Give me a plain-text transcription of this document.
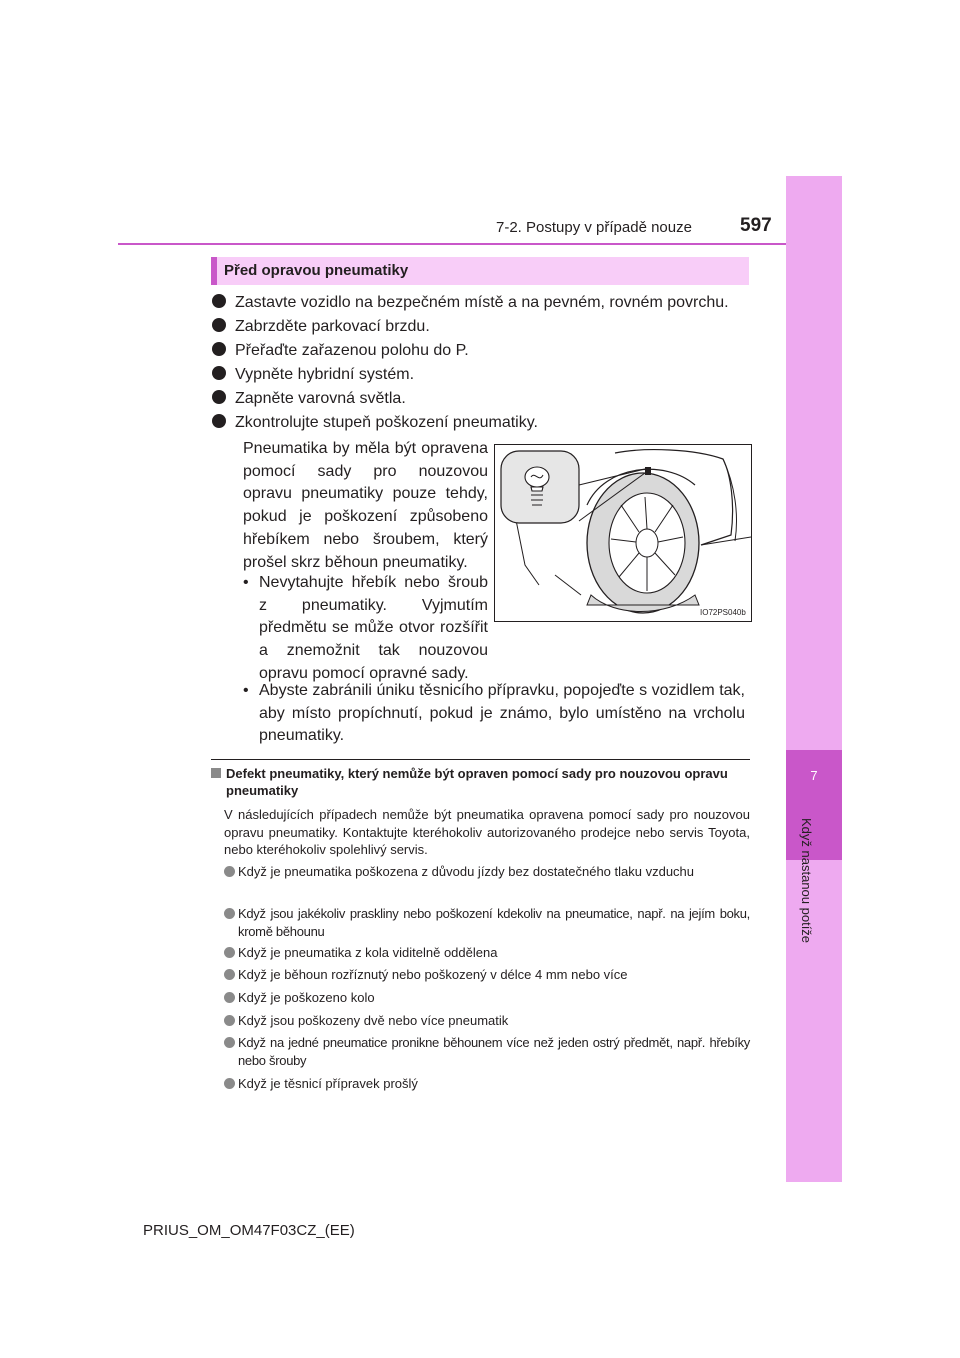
7
Když nastanou potíže
7-2. Postupy v případě nouze	597
Před opravou pneumatiky
Zastavte vozidlo na bezpečném místě a na pevném, rovném povrchu.
Zabrzděte parkovací brzdu.
Přeřaďte zařazenou polohu do P.
Vypněte hybridní systém.
Zapněte varovná světla.
Zkontrolujte stupeň poškození pneumatiky.
Pneumatika by měla být opravena pomocí sady pro nouzovou opravu pneumatiky pouze tehdy, pokud je poškození způsobeno hřebíkem nebo šroubem, který prošel skrz běhoun pneumatiky.
• Nevytahujte hřebík nebo šroub z pneumatiky. Vyjmutím předmětu se může otvor rozšířit a znemožnit tak nouzovou opravu pomocí opravné sady.
• Abyste zabránili úniku těsnicího přípravku, popojeďte s vozidlem tak, aby místo propíchnutí, pokud je známo, bylo umístěno na vrcholu pneumatiky.
IO72PS040b
Defekt pneumatiky, který nemůže být opraven pomocí sady pro nouzovou opravu pneumatiky
V následujících případech nemůže být pneumatika opravena pomocí sady pro nouzovou opravu pneumatiky. Kontaktujte kteréhokoliv autorizovaného prodejce nebo servis Toyota, nebo kteréhokoliv spolehlivý servis.
Když je pneumatika poškozena z důvodu jízdy bez dostatečného tlaku vzduchu
Když jsou jakékoliv praskliny nebo poškození kdekoliv na pneumatice, např. na jejím boku, kromě běhounu
Když je pneumatika z kola viditelně oddělena
Když je běhoun rozříznutý nebo poškozený v délce 4 mm nebo více
Když je poškozeno kolo
Když jsou poškozeny dvě nebo více pneumatik
Když na jedné pneumatice pronikne běhounem více než jeden ostrý předmět, např. hřebíky nebo šrouby
Když je těsnicí přípravek prošlý
PRIUS_OM_OM47F03CZ_(EE)
